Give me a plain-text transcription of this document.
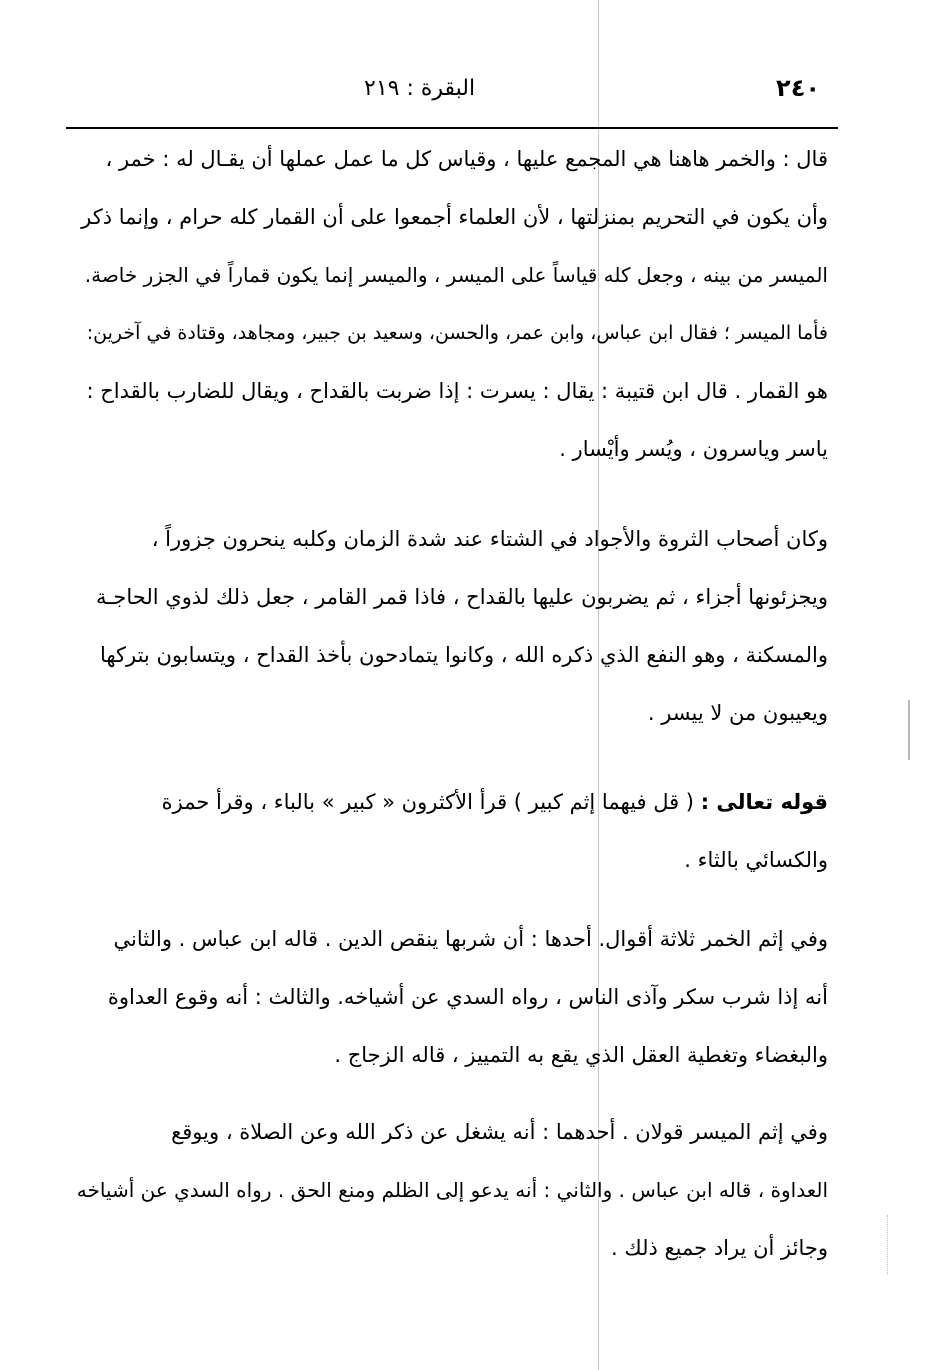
٢٤٠
البقرة : ٢١٩
قال : والخمر هاهنا هي المجمع عليها ، وقياس كل ما عمل عملها أن يقـال له : خمر ،
وأن يكون في التحريم بمنزلتها ، لأن العلماء أجمعوا على أن القمار كله حرام ، وإنما ذكر
الميسر من بينه ، وجعل كله قياساً على الميسر ، والميسر إنما يكون قماراً في الجزر خاصة.
فأما الميسر ؛ فقال ابن عباس، وابن عمر، والحسن، وسعيد بن جبير، ومجاهد، وقتادة في آخرين:
هو القمار . قال ابن قتيبة : يقال : يسرت : إذا ضربت بالقداح ، ويقال للضارب بالقداح :
ياسر وياسرون ، ويُسر وأيْسار .
وكان أصحاب الثروة والأجواد في الشتاء عند شدة الزمان وكلبه ينحرون جزوراً ،
ويجزئونها أجزاء ، ثم يضربون عليها بالقداح ، فاذا قمر القامر ، جعل ذلك لذوي الحاجـة
والمسكنة ، وهو النفع الذي ذكره الله ، وكانوا يتمادحون بأخذ القداح ، ويتسابون بتركها
ويعيبون من لا ييسر .
قوله تعالى : ( قل فيهما إثم كبير ) قرأ الأكثرون « كبير » بالباء ، وقرأ حمزة
والكسائي بالثاء .
وفي إثم الخمر ثلاثة أقوال. أحدها : أن شربها ينقص الدين . قاله ابن عباس . والثاني
أنه إذا شرب سكر وآذى الناس ، رواه السدي عن أشياخه. والثالث : أنه وقوع العداوة
والبغضاء وتغطية العقل الذي يقع به التمييز ، قاله الزجاج .
وفي إثم الميسر قولان . أحدهما : أنه يشغل عن ذكر الله وعن الصلاة ، ويوقع
العداوة ، قاله ابن عباس . والثاني : أنه يدعو إلى الظلم ومنع الحق . رواه السدي عن أشياخه
وجائز أن يراد جميع ذلك .
